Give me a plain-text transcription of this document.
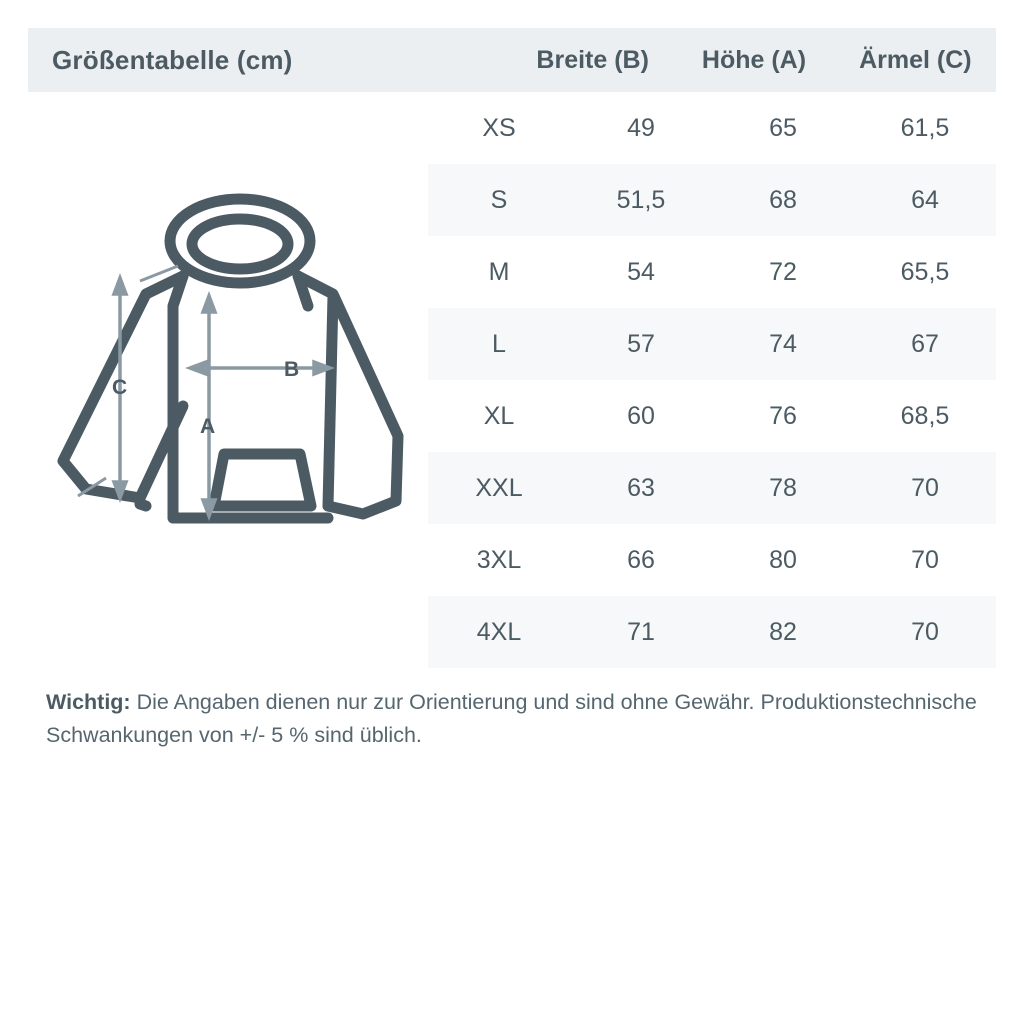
Größentabelle (cm)	Breite (B)	Höhe (A)	Ärmel (C)
C
B
A
XS	49	65	61,5
S	51,5	68	64
M	54	72	65,5
L	57	74	67
XL	60	76	68,5
XXL	63	78	70
3XL	66	80	70
4XL	71	82	70
Wichtig: Die Angaben dienen nur zur Orientierung und sind ohne Gewähr. Produktionstechnische Schwankungen von +/- 5 % sind üblich.
